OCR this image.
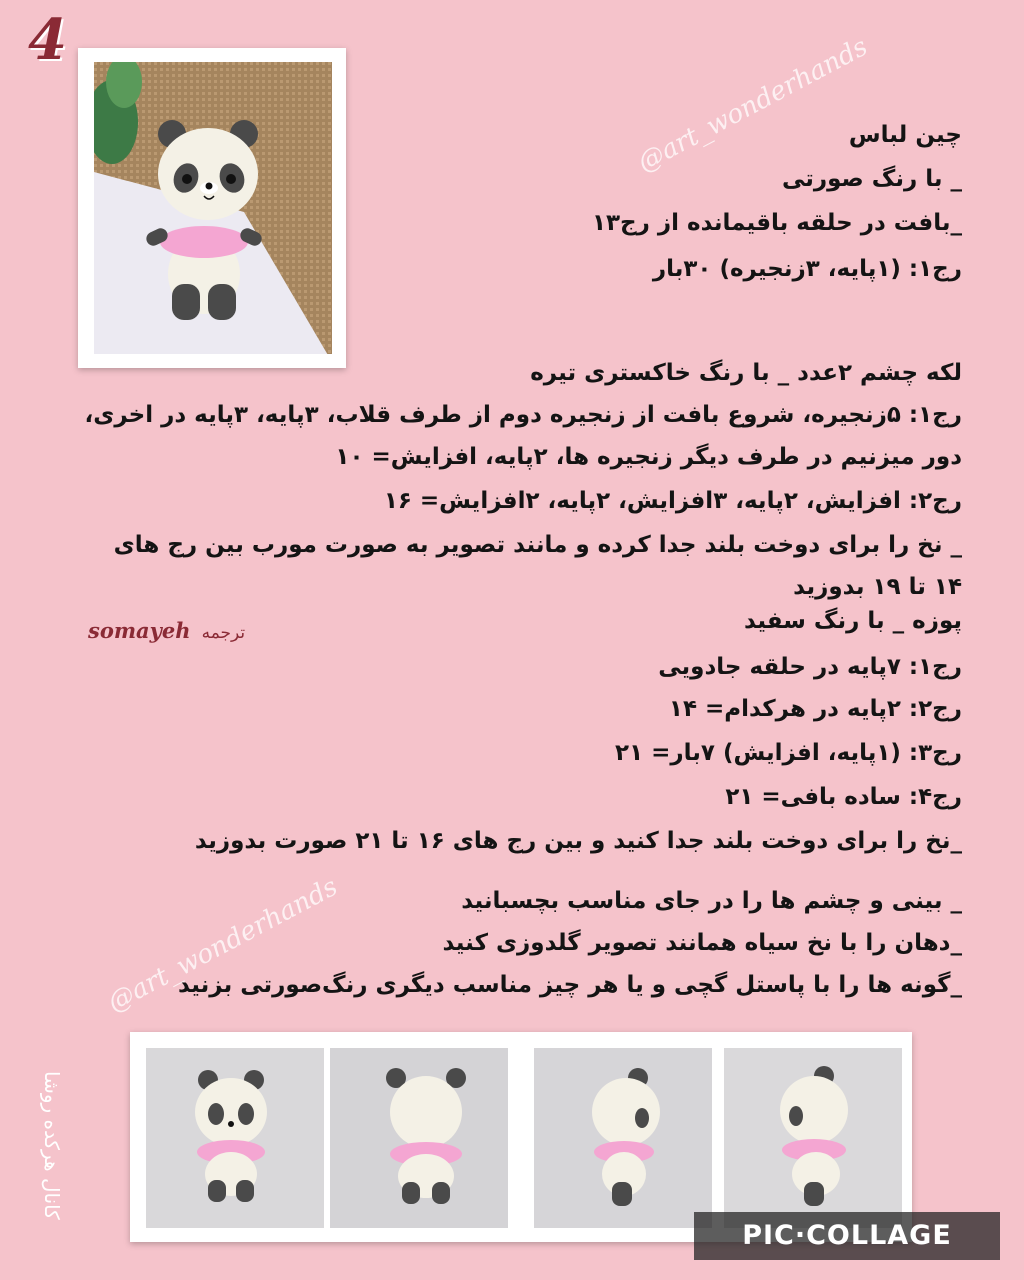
4	@art_wonderhands
@art_wonderhands
چین لباس
_ با رنگ صورتی
_بافت در حلقه باقیمانده از رج۱۳
رج۱: (۱پایه، ۳زنجیره) ۳۰بار
لکه چشم ۲عدد _ با رنگ خاکستری تیره
رج۱: ۵زنجیره، شروع بافت از زنجیره دوم از طرف قلاب، ۳پایه، ۳پایه در اخری،
دور میزنیم در طرف دیگر زنجیره ها، ۲پایه، افزایش= ۱۰
رج۲: افزایش، ۲پایه، ۳افزایش، ۲پایه، ۲افزایش= ۱۶
_ نخ را برای دوخت بلند جدا کرده و مانند تصویر به صورت مورب بین رج های
۱۴ تا ۱۹ بدوزید
somayeh ترجمه	پوزه _ با رنگ سفید
رج۱: ۷پایه در حلقه جادویی
رج۲: ۲پایه در هرکدام= ۱۴
رج۳: (۱پایه، افزایش) ۷بار= ۲۱
رج۴: ساده بافی= ۲۱
_نخ را برای دوخت بلند جدا کنید و بین رج های ۱۶ تا ۲۱ صورت بدوزید
_ بینی و چشم ها را در جای مناسب بچسبانید
_دهان را با نخ سیاه همانند تصویر گلدوزی کنید
_گونه ها را با پاستل گچی و یا هر چیز مناسب دیگری رنگ‌صورتی بزنید
کانال هرکده روشا
PIC·COLLAGE
